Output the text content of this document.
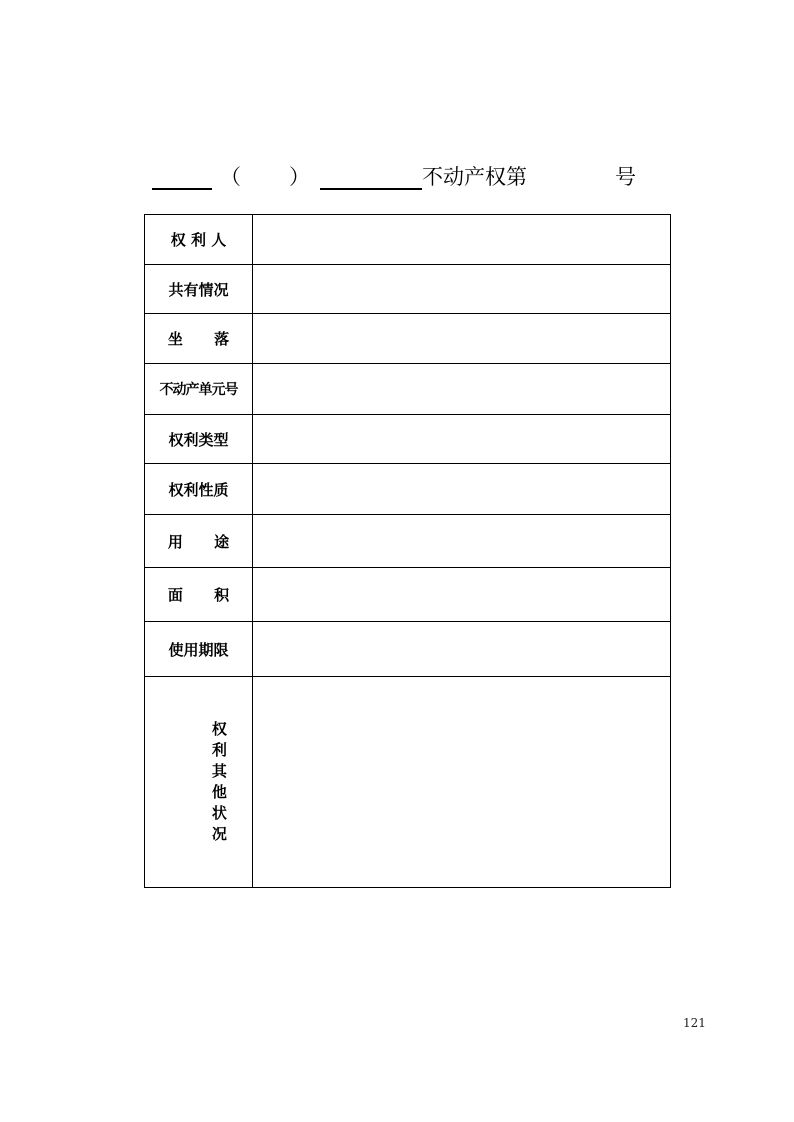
（ ）	不动产权第	号
权 利 人	
共有情况	
坐      落	
不动产单元号	
权利类型	
权利性质	
用      途	
面      积	
使用期限	

权利其他状况

121
